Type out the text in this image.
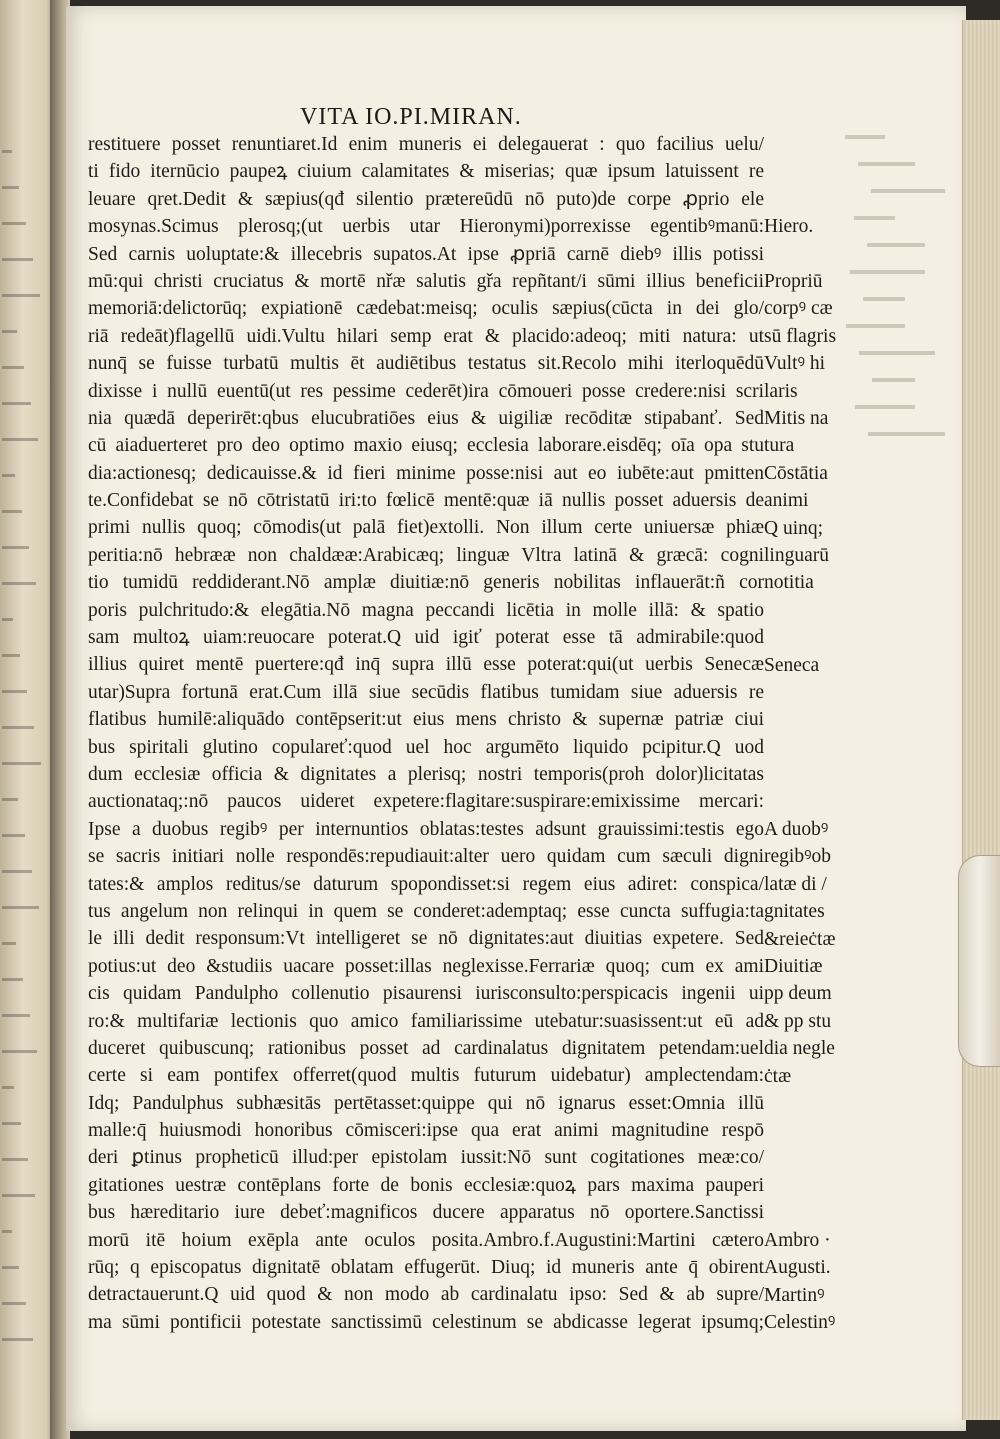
VITA IO.PI.MIRAN.
restituere posset renuntiaret.Id enim muneris ei delegauerat : quo facilius uelu/
ti fido iternūcio paupeꝝ ciuium calamitates & miserias; quæ ipsum latuissent re
leuare qret.Dedit & sæpius(qđ silentio prætereūdū nō puto)de corpe ꝓprio ele
mosynas.Scimus plerosq;(ut uerbis utar Hieronymi)porrexisse egentibꝰmanū:
Sed carnis uoluptate:& illecebris supatos.At ipse ꝓpriā carnē diebꝰ illis potissi
mū:qui christi cruciatus & mortē nřæ salutis gřa repñtant/i sūmi illius beneficii
memoriā:delictorūq; expiationē cædebat:meisq; oculis sæpius(cūcta in dei glo/
riā redeāt)flagellū uidi.Vultu hilari semp erat & placido:adeoq; miti natura: ut
nunq̄ se fuisse turbatū multis ēt audiētibus testatus sit.Recolo mihi iterloquēdū
dixisse i nullū euentū(ut res pessime cederēt)ira cōmoueri posse credere:nisi scri
nia quædā deperirēt:qbus elucubratiōes eius & uigiliæ recōditæ stipabanť. Sed
cū aiaduerteret pro deo optimo maxio eiusq; ecclesia laborare.eisdēq; oīa opa stu
dia:actionesq; dedicauisse.& id fieri minime posse:nisi aut eo iubēte:aut pmitten
te.Confidebat se nō cōtristatū iri:to fœlicē mentē:quæ iā nullis posset aduersis de
primi nullis quoq; cōmodis(ut palā fiet)extolli. Non illum certe uniuersæ phiæ
peritia:nō hebrææ non chaldææ:Arabicæq; linguæ Vltra latinā & græcā: cogni
tio tumidū reddiderant.Nō amplæ diuitiæ:nō generis nobilitas inflauerāt:ñ cor
poris pulchritudo:& elegātia.Nō magna peccandi licētia in molle illā: & spatio
sam multoꝝ uiam:reuocare poterat.Q uid igiť poterat esse tā admirabile:quod
illius quiret mentē puertere:qđ inq̄ supra illū esse poterat:qui(ut uerbis Senecæ
utar)Supra fortunā erat.Cum illā siue secūdis flatibus tumidam siue aduersis re
flatibus humilē:aliquādo contēpserit:ut eius mens christo & supernæ patriæ ciui
bus spiritali glutino copulareť:quod uel hoc argumēto liquido pcipitur.Q uod
dum ecclesiæ officia & dignitates a plerisq; nostri temporis(proh dolor)licitatas
auctionataq;:nō paucos uideret expetere:flagitare:suspirare:emixissime mercari:
Ipse a duobus regibꝰ per internuntios oblatas:testes adsunt grauissimi:testis ego
se sacris initiari nolle respondēs:repudiauit:alter uero quidam cum sæculi digni
tates:& amplos reditus/se daturum spopondisset:si regem eius adiret: conspica/
tus angelum non relinqui in quem se conderet:ademptaq; esse cuncta suffugia:ta
le illi dedit responsum:Vt intelligeret se nō dignitates:aut diuitias expetere. Sed
potius:ut deo &studiis uacare posset:illas neglexisse.Ferrariæ quoq; cum ex ami
cis quidam Pandulpho collenutio pisaurensi iurisconsulto:perspicacis ingenii ui
ro:& multifariæ lectionis quo amico familiarissime utebatur:suasissent:ut eū ad
duceret quibuscunq; rationibus posset ad cardinalatus dignitatem petendam:uel
certe si eam pontifex offerret(quod multis futurum uidebatur) amplectendam:
Idq; Pandulphus subhæsitās pertētasset:quippe qui nō ignarus esset:Omnia illū
malle:q̄ huiusmodi honoribus cōmisceri:ipse qua erat animi magnitudine respō
deri ꝑtinus propheticū illud:per epistolam iussit:Nō sunt cogitationes meæ:co/
gitationes uestræ contēplans forte de bonis ecclesiæ:quoꝝ pars maxima pauperi
bus hæreditario iure debeť:magnificos ducere apparatus nō oportere.Sanctissi
morū itē hoium exēpla ante oculos posita.Ambro.f.Augustini:Martini cætero
rūq; q episcopatus dignitatē oblatam effugerūt. Diuq; id muneris ante q̄ obirent
detractauerunt.Q uid quod & non modo ab cardinalatu ipso: Sed & ab supre/
ma sūmi pontificii potestate sanctissimū celestinum se abdicasse legerat ipsumq;
Hiero.
Propriū
corpꝰ cæ
sū flagris
Vultꝰ hi
laris
Mitis na
tura
Cōstātia
animi
Q uinq;
linguarū
notitia
Seneca
A duobꝰ
regibꝰob
latæ di /
gnitates
&reieċtæ
Diuitiæ
pp deum
& pp stu
dia negle
ċtæ
Ambro ·
Augusti.
Martinꝰ
Celestinꝰ
